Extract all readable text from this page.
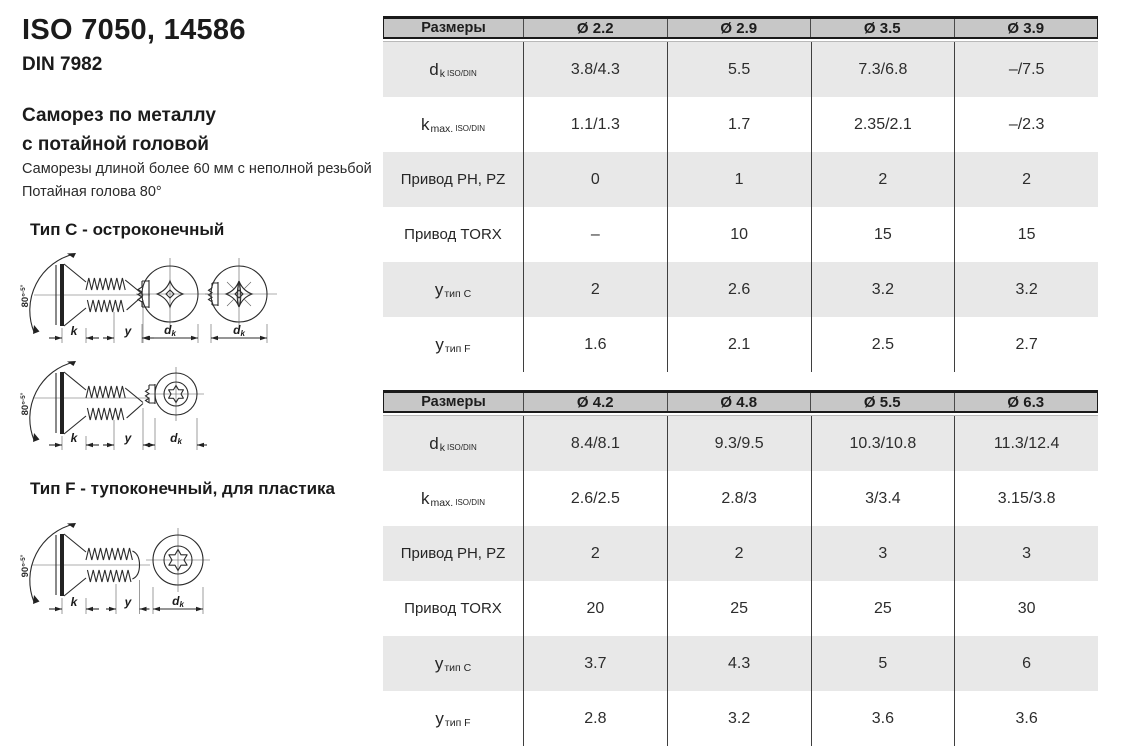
ISO 7050, 14586
DIN 7982
Саморез по металлу
с потайной головой
Саморезы длиной более 60 мм с неполной резьбой
Потайная голова 80°
Тип C - остроконечный
80°$^{-5^\circ}$
k	y	dk	dk
80°$^{-5^\circ}$
k	y	dk
Тип F - тупоконечный, для пластика
90°$^{-5^\circ}$
k	y	dk
Размеры	Ø 2.2	Ø 2.9	Ø 3.5	Ø 3.9
d k ISO/DIN	3.8/4.3	5.5	7.3/6.8	–/7.5
k max. ISO/DIN	1.1/1.3	1.7	2.35/2.1	–/2.3
Привод PH, PZ	0	1	2	2
Привод TORX	–	10	15	15
y тип C	2	2.6	3.2	3.2
y тип F	1.6	2.1	2.5	2.7
Размеры	Ø 4.2	Ø 4.8	Ø 5.5	Ø 6.3
d k ISO/DIN	8.4/8.1	9.3/9.5	10.3/10.8	11.3/12.4
k max. ISO/DIN	2.6/2.5	2.8/3	3/3.4	3.15/3.8
Привод PH, PZ	2	2	3	3
Привод TORX	20	25	25	30
y тип C	3.7	4.3	5	6
y тип F	2.8	3.2	3.6	3.6
